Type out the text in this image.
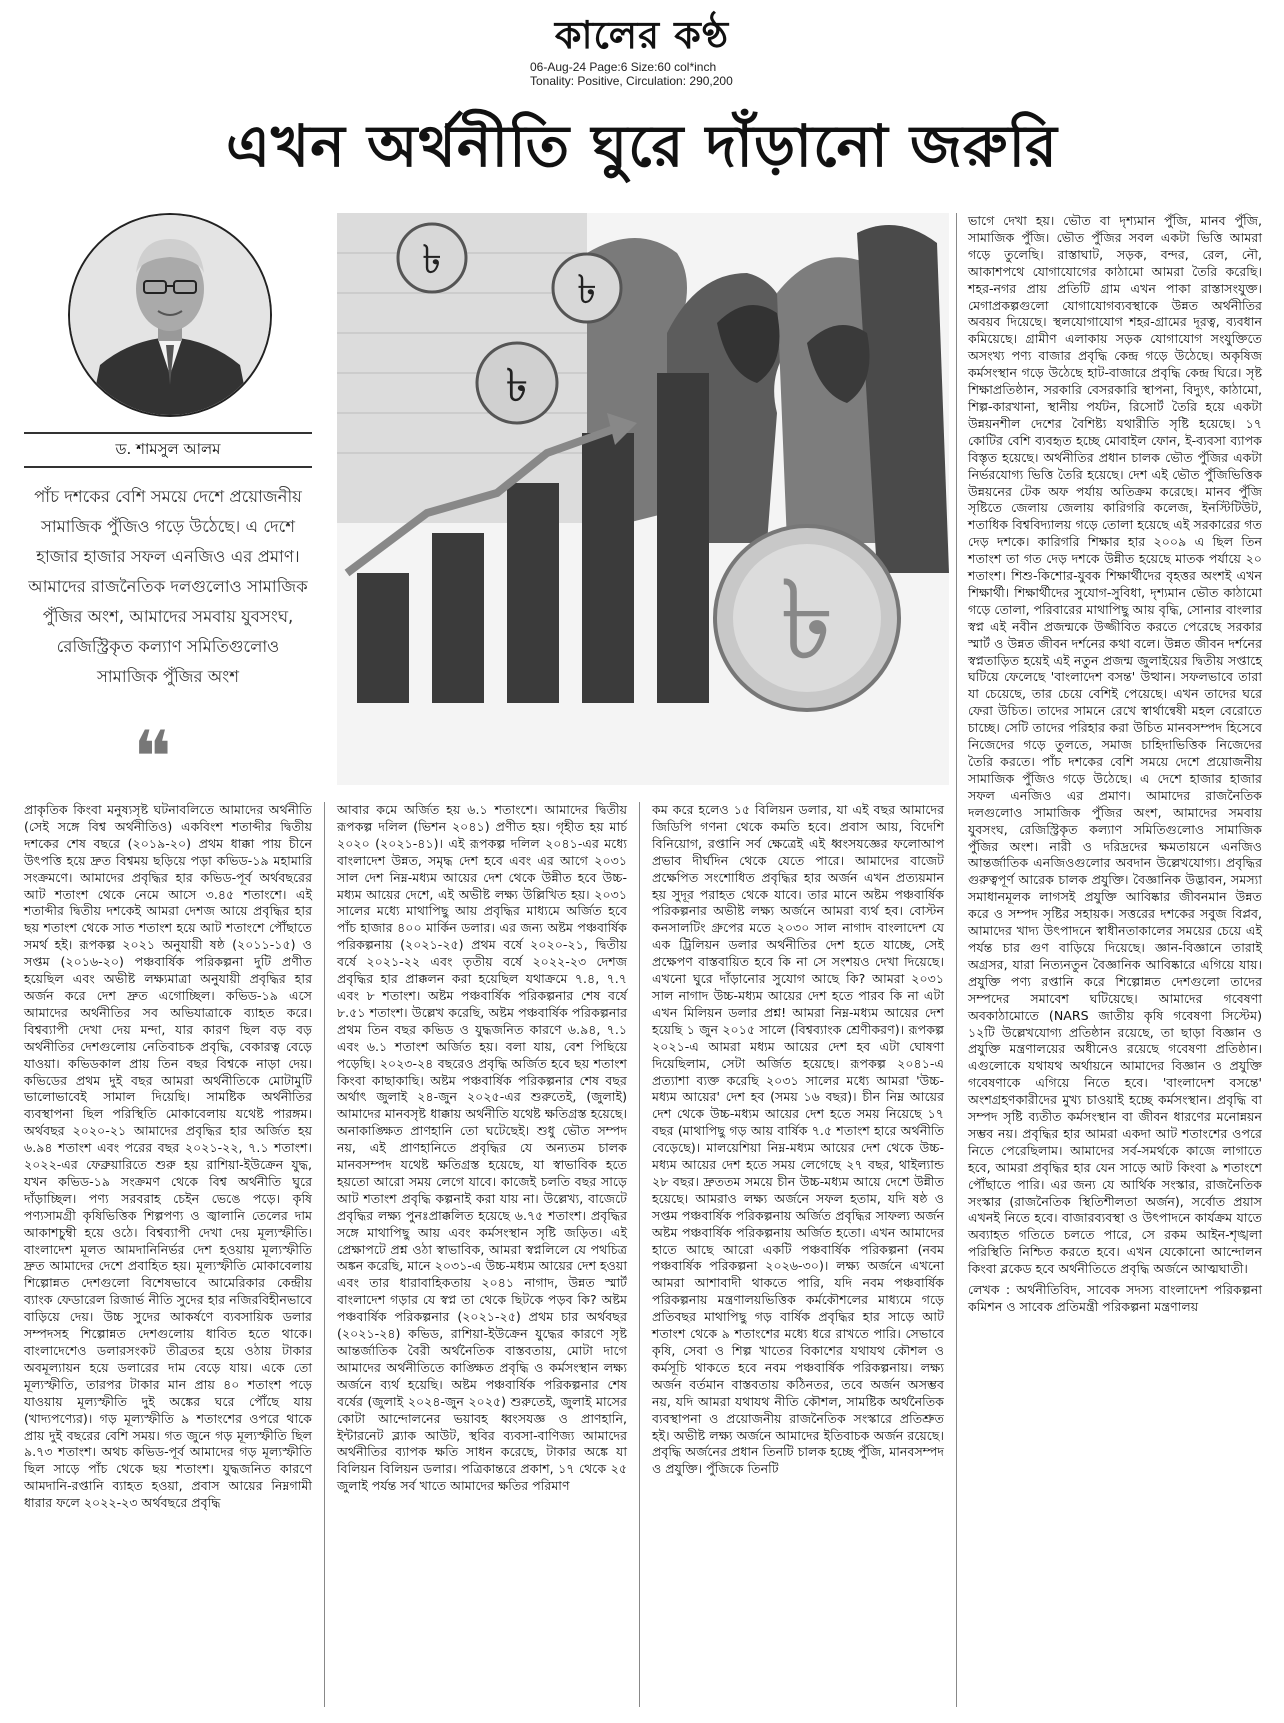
কালের কণ্ঠ
06-Aug-24 Page:6 Size:60 col*inch
Tonality: Positive, Circulation: 290,200
এখন অর্থনীতি ঘুরে দাঁড়ানো জরুরি
ড. শামসুল আলম
পাঁচ দশকের বেশি সময়ে দেশে প্রয়োজনীয় সামাজিক পুঁজিও গড়ে উঠেছে। এ দেশে হাজার হাজার সফল এনজিও এর প্রমাণ। আমাদের রাজনৈতিক দলগুলোও সামাজিক পুঁজির অংশ, আমাদের সমবায় যুবসংঘ, রেজিস্ট্রিকৃত কল্যাণ সমিতিগুলোও সামাজিক পুঁজির অংশ
❝
৳
৳
৳
৳

প্রাকৃতিক কিংবা মনুষ্যসৃষ্ট ঘটনাবলিতে আমাদের অর্থনীতি (সেই সঙ্গে বিশ্ব অর্থনীতিও) একবিংশ শতাব্দীর দ্বিতীয় দশকের শেষ বছরে (২০১৯-২০) প্রথম ধাক্কা পায় চীনে উৎপত্তি হয়ে দ্রুত বিশ্বময় ছড়িয়ে পড়া কভিড-১৯ মহামারি সংক্রমণে। আমাদের প্রবৃদ্ধির হার কভিড-পূর্ব অর্থবছরের আট শতাংশ থেকে নেমে আসে ৩.৪৫ শতাংশে। এই শতাব্দীর দ্বিতীয় দশকেই আমরা দেশজ আয়ে প্রবৃদ্ধির হার ছয় শতাংশ থেকে সাত শতাংশ হয়ে আট শতাংশে পৌঁছাতে সমর্থ হই। রূপকল্প ২০২১ অনুযায়ী ষষ্ঠ (২০১১-১৫) ও সপ্তম (২০১৬-২০) পঞ্চবার্ষিক পরিকল্পনা দুটি প্রণীত হয়েছিল এবং অভীষ্ট লক্ষ্যমাত্রা অনুযায়ী প্রবৃদ্ধির হার অর্জন করে দেশ দ্রুত এগোচ্ছিল। কভিড-১৯ এসে আমাদের অর্থনীতির সব অভিযাত্রাকে ব্যাহত করে। বিশ্বব্যাপী দেখা দেয় মন্দা, যার কারণ ছিল বড় বড় অর্থনীতির দেশগুলোয় নেতিবাচক প্রবৃদ্ধি, বেকারত্ব বেড়ে যাওয়া। কভিডকাল প্রায় তিন বছর বিশ্বকে নাড়া দেয়। কভিডের প্রথম দুই বছর আমরা অর্থনীতিকে মোটামুটি ভালোভাবেই সামাল দিয়েছি। সামষ্টিক অর্থনীতির ব্যবস্থাপনা ছিল পরিস্থিতি মোকাবেলায় যথেষ্ট পারঙ্গম। অর্থবছর ২০২০-২১ আমাদের প্রবৃদ্ধির হার অর্জিত হয় ৬.৯৪ শতাংশ এবং পরের বছর ২০২১-২২, ৭.১ শতাংশ। ২০২২-এর ফেব্রুয়ারিতে শুরু হয় রাশিয়া-ইউক্রেন যুদ্ধ, যখন কভিড-১৯ সংক্রমণ থেকে বিশ্ব অর্থনীতি ঘুরে দাঁড়াচ্ছিল। পণ্য সরবরাহ চেইন ভেঙে পড়ে। কৃষি পণ্যসামগ্রী কৃষিভিত্তিক শিল্পপণ্য ও জ্বালানি তেলের দাম আকাশচুম্বী হয়ে ওঠে। বিশ্বব্যাপী দেখা দেয় মূল্যস্ফীতি। বাংলাদেশ মূলত আমদানিনির্ভর দেশ হওয়ায় মূল্যস্ফীতি দ্রুত আমাদের দেশে প্রবাহিত হয়। মূল্যস্ফীতি মোকাবেলায় শিল্পোন্নত দেশগুলো বিশেষভাবে আমেরিকার কেন্দ্রীয় ব্যাংক ফেডারেল রিজার্ভ নীতি সুদের হার নজিরবিহীনভাবে বাড়িয়ে দেয়। উচ্চ সুদের আকর্ষণে ব্যবসায়িক ডলার সম্পদসহ শিল্পোন্নত দেশগুলোয় ধাবিত হতে থাকে। বাংলাদেশেও ডলারসংকট তীব্রতর হয়ে ওঠায় টাকার অবমূল্যায়ন হয়ে ডলারের দাম বেড়ে যায়। একে তো মূল্যস্ফীতি, তারপর টাকার মান প্রায় ৪০ শতাংশ পড়ে যাওয়ায় মূল্যস্ফীতি দুই অঙ্কের ঘরে পৌঁছে যায় (খাদ্যপণ্যের)। গড় মূল্যস্ফীতি ৯ শতাংশের ওপরে থাকে প্রায় দুই বছরের বেশি সময়। গত জুনে গড় মূল্যস্ফীতি ছিল ৯.৭৩ শতাংশ। অথচ কভিড-পূর্ব আমাদের গড় মূল্যস্ফীতি ছিল সাড়ে পাঁচ থেকে ছয় শতাংশ। যুদ্ধজনিত কারণে আমদানি-রপ্তানি ব্যাহত হওয়া, প্রবাস আয়ের নিম্নগামী ধারার ফলে ২০২২-২৩ অর্থবছরে প্রবৃদ্ধি

আবার কমে অর্জিত হয় ৬.১ শতাংশে। আমাদের দ্বিতীয় রূপকল্প দলিল (ভিশন ২০৪১) প্রণীত হয়। গৃহীত হয় মার্চ ২০২০ (২০২১-৪১)। এই রূপকল্প দলিল ২০৪১-এর মধ্যে বাংলাদেশ উন্নত, সমৃদ্ধ দেশ হবে এবং এর আগে ২০৩১ সাল দেশ নিম্ন-মধ্যম আয়ের দেশ থেকে উন্নীত হবে উচ্চ-মধ্যম আয়ের দেশে, এই অভীষ্ট লক্ষ্য উল্লিখিত হয়। ২০৩১ সালের মধ্যে মাথাপিছু আয় প্রবৃদ্ধির মাধ্যমে অর্জিত হবে পাঁচ হাজার ৪০০ মার্কিন ডলার। এর জন্য অষ্টম পঞ্চবার্ষিক পরিকল্পনায় (২০২১-২৫) প্রথম বর্ষে ২০২০-২১, দ্বিতীয় বর্ষে ২০২১-২২ এবং তৃতীয় বর্ষে ২০২২-২৩ দেশজ প্রবৃদ্ধির হার প্রাক্কলন করা হয়েছিল যথাক্রমে ৭.৪, ৭.৭ এবং ৮ শতাংশ। অষ্টম পঞ্চবার্ষিক পরিকল্পনার শেষ বর্ষে ৮.৫১ শতাংশ। উল্লেখ করেছি, অষ্টম পঞ্চবার্ষিক পরিকল্পনার প্রথম তিন বছর কভিড ও যুদ্ধজনিত কারণে ৬.৯৪, ৭.১ এবং ৬.১ শতাংশ অর্জিত হয়। বলা যায়, বেশ পিছিয়ে পড়েছি। ২০২৩-২৪ বছরেও প্রবৃদ্ধি অর্জিত হবে ছয় শতাংশ কিংবা কাছাকাছি। অষ্টম পঞ্চবার্ষিক পরিকল্পনার শেষ বছর অর্থাৎ জুলাই ২৪-জুন ২০২৫-এর শুরুতেই, (জুলাই) আমাদের মানবসৃষ্ট ধাক্কায় অর্থনীতি যথেষ্ট ক্ষতিগ্রস্ত হয়েছে। অনাকাঙ্ক্ষিত প্রাণহানি তো ঘটেছেই। শুধু ভৌত সম্পদ নয়, এই প্রাণহানিতে প্রবৃদ্ধির যে অন্যতম চালক মানবসম্পদ যথেষ্ট ক্ষতিগ্রস্ত হয়েছে, যা স্বাভাবিক হতে হয়তো আরো সময় লেগে যাবে। কাজেই চলতি বছর সাড়ে আট শতাংশ প্রবৃদ্ধি কল্পনাই করা যায় না। উল্লেখ্য, বাজেটে প্রবৃদ্ধির লক্ষ্য পুনঃপ্রাক্কলিত হয়েছে ৬.৭৫ শতাংশ। প্রবৃদ্ধির সঙ্গে মাথাপিছু আয় এবং কর্মসংস্থান সৃষ্টি জড়িত। এই প্রেক্ষাপটে প্রশ্ন ওঠা স্বাভাবিক, আমরা স্বপ্নলিলে যে পথচিত্র অঙ্কন করেছি, মানে ২০৩১-এ উচ্চ-মধ্যম আয়ের দেশ হওয়া এবং তার ধারাবাহিকতায় ২০৪১ নাগাদ, উন্নত স্মার্ট বাংলাদেশ গড়ার যে স্বপ্ন তা থেকে ছিটকে পড়ব কি? অষ্টম পঞ্চবার্ষিক পরিকল্পনার (২০২১-২৫) প্রথম চার অর্থবছর (২০২১-২৪) কভিড, রাশিয়া-ইউক্রেন যুদ্ধের কারণে সৃষ্ট আন্তর্জাতিক বৈরী অর্থনৈতিক বাস্তবতায়, মোটা দাগে আমাদের অর্থনীতিতে কাঙ্ক্ষিত প্রবৃদ্ধি ও কর্মসংস্থান লক্ষ্য অর্জনে ব্যর্থ হয়েছি। অষ্টম পঞ্চবার্ষিক পরিকল্পনার শেষ বর্ষের (জুলাই ২০২৪-জুন ২০২৫) শুরুতেই, জুলাই মাসের কোটা আন্দোলনের ভয়াবহ ধ্বংসযজ্ঞ ও প্রাণহানি, ইন্টারনেট ব্ল্যাক আউট, স্থবির ব্যবসা-বাণিজ্য আমাদের অর্থনীতির ব্যাপক ক্ষতি সাধন করেছে, টাকার অঙ্কে যা বিলিয়ন বিলিয়ন ডলার। পত্রিকান্তরে প্রকাশ, ১৭ থেকে ২৫ জুলাই পর্যন্ত সর্ব খাতে আমাদের ক্ষতির পরিমাণ

কম করে হলেও ১৫ বিলিয়ন ডলার, যা এই বছর আমাদের জিডিপি গণনা থেকে কমতি হবে। প্রবাস আয়, বিদেশি বিনিয়োগ, রপ্তানি সর্ব ক্ষেত্রেই এই ধ্বংসযজ্ঞের ফলোআপ প্রভাব দীর্ঘদিন থেকে যেতে পারে। আমাদের বাজেট প্রক্ষেপিত সংশোধিত প্রবৃদ্ধির হার অর্জন এখন প্রত্যয়মান হয় সুদূর পরাহত থেকে যাবে। তার মানে অষ্টম পঞ্চবার্ষিক পরিকল্পনার অভীষ্ট লক্ষ্য অর্জনে আমরা ব্যর্থ হব। বোস্টন কনসালটিং গ্রুপের মতে ২০৩০ সাল নাগাদ বাংলাদেশ যে এক ট্রিলিয়ন ডলার অর্থনীতির দেশ হতে যাচ্ছে, সেই প্রক্ষেপণ বাস্তবায়িত হবে কি না সে সংশয়ও দেখা দিয়েছে। এখনো ঘুরে দাঁড়ানোর সুযোগ আছে কি? আমরা ২০৩১ সাল নাগাদ উচ্চ-মধ্যম আয়ের দেশ হতে পারব কি না এটা এখন মিলিয়ন ডলার প্রশ্ন! আমরা নিম্ন-মধ্যম আয়ের দেশ হয়েছি ১ জুন ২০১৫ সালে (বিশ্বব্যাংক শ্রেণীকরণ)। রূপকল্প ২০২১-এ আমরা মধ্যম আয়ের দেশ হব এটা ঘোষণা দিয়েছিলাম, সেটা অর্জিত হয়েছে। রূপকল্প ২০৪১-এ প্রত্যাশা ব্যক্ত করেছি ২০৩১ সালের মধ্যে আমরা 'উচ্চ-মধ্যম আয়ের' দেশ হব (সময় ১৬ বছর)। চীন নিম্ন আয়ের দেশ থেকে উচ্চ-মধ্যম আয়ের দেশ হতে সময় নিয়েছে ১৭ বছর (মাথাপিছু গড় আয় বার্ষিক ৭.৫ শতাংশ হারে অর্থনীতি বেড়েছে)। মালয়েশিয়া নিম্ন-মধ্যম আয়ের দেশ থেকে উচ্চ-মধ্যম আয়ের দেশ হতে সময় লেগেছে ২৭ বছর, থাইল্যান্ড ২৮ বছর। দ্রুততম সময়ে চীন উচ্চ-মধ্যম আয়ে দেশে উন্নীত হয়েছে। আমরাও লক্ষ্য অর্জনে সফল হতাম, যদি ষষ্ঠ ও সপ্তম পঞ্চবার্ষিক পরিকল্পনায় অর্জিত প্রবৃদ্ধির সাফল্য অর্জন অষ্টম পঞ্চবার্ষিক পরিকল্পনায় অর্জিত হতো। এখন আমাদের হাতে আছে আরো একটি পঞ্চবার্ষিক পরিকল্পনা (নবম পঞ্চবার্ষিক পরিকল্পনা ২০২৬-৩০)। লক্ষ্য অর্জনে এখনো আমরা আশাবাদী থাকতে পারি, যদি নবম পঞ্চবার্ষিক পরিকল্পনায় মন্ত্রণালয়ভিত্তিক কর্মকৌশলের মাধ্যমে গড়ে প্রতিবছর মাথাপিছু গড় বার্ষিক প্রবৃদ্ধির হার সাড়ে আট শতাংশ থেকে ৯ শতাংশের মধ্যে ধরে রাখতে পারি। সেভাবে কৃষি, সেবা ও শিল্প খাতের বিকাশের যথাযথ কৌশল ও কর্মসূচি থাকতে হবে নবম পঞ্চবার্ষিক পরিকল্পনায়। লক্ষ্য অর্জন বর্তমান বাস্তবতায় কঠিনতর, তবে অর্জন অসম্ভব নয়, যদি আমরা যথাযথ নীতি কৌশল, সামষ্টিক অর্থনৈতিক ব্যবস্থাপনা ও প্রয়োজনীয় রাজনৈতিক সংস্কারে প্রতিশ্রুত হই। অভীষ্ট লক্ষ্য অর্জনে আমাদের ইতিবাচক অর্জন রয়েছে। প্রবৃদ্ধি অর্জনের প্রধান তিনটি চালক হচ্ছে পুঁজি, মানবসম্পদ ও প্রযুক্তি। পুঁজিকে তিনটি

ভাগে দেখা হয়। ভৌত বা দৃশ্যমান পুঁজি, মানব পুঁজি, সামাজিক পুঁজি। ভৌত পুঁজির সবল একটা ভিত্তি আমরা গড়ে তুলেছি। রাস্তাঘাট, সড়ক, বন্দর, রেল, নৌ, আকাশপথে যোগাযোগের কাঠামো আমরা তৈরি করেছি। শহর-নগর প্রায় প্রতিটি গ্রাম এখন পাকা রাস্তাসংযুক্ত। মেগাপ্রকল্পগুলো যোগাযোগব্যবস্থাকে উন্নত অর্থনীতির অবয়ব দিয়েছে। স্থলযোগাযোগ শহর-গ্রামের দূরত্ব, ব্যবধান কমিয়েছে। গ্রামীণ এলাকায় সড়ক যোগাযোগ সংযুক্তিতে অসংখ্য পণ্য বাজার প্রবৃদ্ধি কেন্দ্র গড়ে উঠেছে। অকৃষিজ কর্মসংস্থান গড়ে উঠেছে হাট-বাজারে প্রবৃদ্ধি কেন্দ্র ঘিরে। সৃষ্ট শিক্ষাপ্রতিষ্ঠান, সরকারি বেসরকারি স্থাপনা, বিদ্যুৎ, কাঠামো, শিল্প-কারখানা, স্থানীয় পর্যটন, রিসোর্ট তৈরি হয়ে একটা উন্নয়নশীল দেশের বৈশিষ্ট্য যথারীতি সৃষ্টি হয়েছে। ১৭ কোটির বেশি ব্যবহৃত হচ্ছে মোবাইল ফোন, ই-ব্যবসা ব্যাপক বিস্তৃত হয়েছে। অর্থনীতির প্রধান চালক ভৌত পুঁজির একটা নির্ভরযোগ্য ভিত্তি তৈরি হয়েছে। দেশ এই ভৌত পুঁজিভিত্তিক উন্নয়নের টেক অফ পর্যায় অতিক্রম করেছে। মানব পুঁজি সৃষ্টিতে জেলায় জেলায় কারিগরি কলেজ, ইনস্টিটিউট, শতাধিক বিশ্ববিদ্যালয় গড়ে তোলা হয়েছে এই সরকারের গত দেড় দশকে। কারিগরি শিক্ষার হার ২০০৯ এ ছিল তিন শতাংশ তা গত দেড় দশকে উন্নীত হয়েছে মাতক পর্যায়ে ২০ শতাংশ। শিশু-কিশোর-যুবক শিক্ষার্থীদের বৃহত্তর অংশই এখন শিক্ষার্থী। শিক্ষার্থীদের সুযোগ-সুবিধা, দৃশ্যমান ভৌত কাঠামো গড়ে তোলা, পরিবারের মাথাপিছু আয় বৃদ্ধি, সোনার বাংলার স্বপ্ন এই নবীন প্রজন্মকে উজ্জীবিত করতে পেরেছে সরকার স্মার্ট ও উন্নত জীবন দর্শনের কথা বলে। উন্নত জীবন দর্শনের স্বপ্নতাড়িত হয়েই এই নতুন প্রজন্ম জুলাইয়ের দ্বিতীয় সপ্তাহে ঘটিয়ে ফেলেছে 'বাংলাদেশ বসন্ত' উত্থান। সফলভাবে তারা যা চেয়েছে, তার চেয়ে বেশিই পেয়েছে। এখন তাদের ঘরে ফেরা উচিত। তাদের সামনে রেখে স্বার্থান্বেষী মহল বেরোতে চাচ্ছে। সেটি তাদের পরিহার করা উচিত মানবসম্পদ হিসেবে নিজেদের গড়ে তুলতে, সমাজ চাহিদাভিত্তিক নিজেদের তৈরি করতে। পাঁচ দশকের বেশি সময়ে দেশে প্রয়োজনীয় সামাজিক পুঁজিও গড়ে উঠেছে। এ দেশে হাজার হাজার সফল এনজিও এর প্রমাণ। আমাদের রাজনৈতিক দলগুলোও সামাজিক পুঁজির অংশ, আমাদের সমবায় যুবসংঘ, রেজিস্ট্রিকৃত কল্যাণ সমিতিগুলোও সামাজিক পুঁজির অংশ। নারী ও দরিদ্রদের ক্ষমতায়নে এনজিও আন্তর্জাতিক এনজিওগুলোর অবদান উল্লেখযোগ্য। প্রবৃদ্ধির গুরুত্বপূর্ণ আরেক চালক প্রযুক্তি। বৈজ্ঞানিক উদ্ভাবন, সমস্যা সমাধানমূলক লাগসই প্রযুক্তি আবিষ্কার জীবনমান উন্নত করে ও সম্পদ সৃষ্টির সহায়ক। সত্তরের দশকের সবুজ বিপ্লব, আমাদের খাদ্য উৎপাদনে স্বাধীনতাকালের সময়ের চেয়ে এই পর্যন্ত চার গুণ বাড়িয়ে দিয়েছে। জ্ঞান-বিজ্ঞানে তারাই অগ্রসর, যারা নিত্যনতুন বৈজ্ঞানিক আবিষ্কারে এগিয়ে যায়। প্রযুক্তি পণ্য রপ্তানি করে শিল্পোন্নত দেশগুলো তাদের সম্পদের সমাবেশ ঘটিয়েছে। আমাদের গবেষণা অবকাঠামোতে (NARS জাতীয় কৃষি গবেষণা সিস্টেম) ১২টি উল্লেখযোগ্য প্রতিষ্ঠান রয়েছে, তা ছাড়া বিজ্ঞান ও প্রযুক্তি মন্ত্রণালয়ের অধীনেও রয়েছে গবেষণা প্রতিষ্ঠান। এগুলোকে যথাযথ অর্থায়নে আমাদের বিজ্ঞান ও প্রযুক্তি গবেষণাকে এগিয়ে নিতে হবে। 'বাংলাদেশ বসন্তে' অংশগ্রহণকারীদের মুখ্য চাওয়াই হচ্ছে কর্মসংস্থান। প্রবৃদ্ধি বা সম্পদ সৃষ্টি ব্যতীত কর্মসংস্থান বা জীবন ধারণের মনোন্নয়ন সম্ভব নয়। প্রবৃদ্ধির হার আমরা একদা আট শতাংশের ওপরে নিতে পেরেছিলাম। আমাদের সর্ব-সমর্থকে কাজে লাগাতে হবে, আমরা প্রবৃদ্ধির হার যেন সাড়ে আট কিংবা ৯ শতাংশে পৌঁছাতে পারি। এর জন্য যে আর্থিক সংস্কার, রাজনৈতিক সংস্কার (রাজনৈতিক স্থিতিশীলতা অর্জন), সর্বোত প্রয়াস এখনই নিতে হবে। বাজারব্যবস্থা ও উৎপাদনে কার্যক্রম যাতে অব্যাহত গতিতে চলতে পারে, সে রকম আইন-শৃঙ্খলা পরিস্থিতি নিশ্চিত করতে হবে। এখন যেকোনো আন্দোলন কিংবা ব্লকেড হবে অর্থনীতিতে প্রবৃদ্ধি অর্জনে আত্মঘাতী।

লেখক : অর্থনীতিবিদ, সাবেক সদস্য বাংলাদেশ পরিকল্পনা কমিশন ও সাবেক প্রতিমন্ত্রী পরিকল্পনা মন্ত্রণালয়
